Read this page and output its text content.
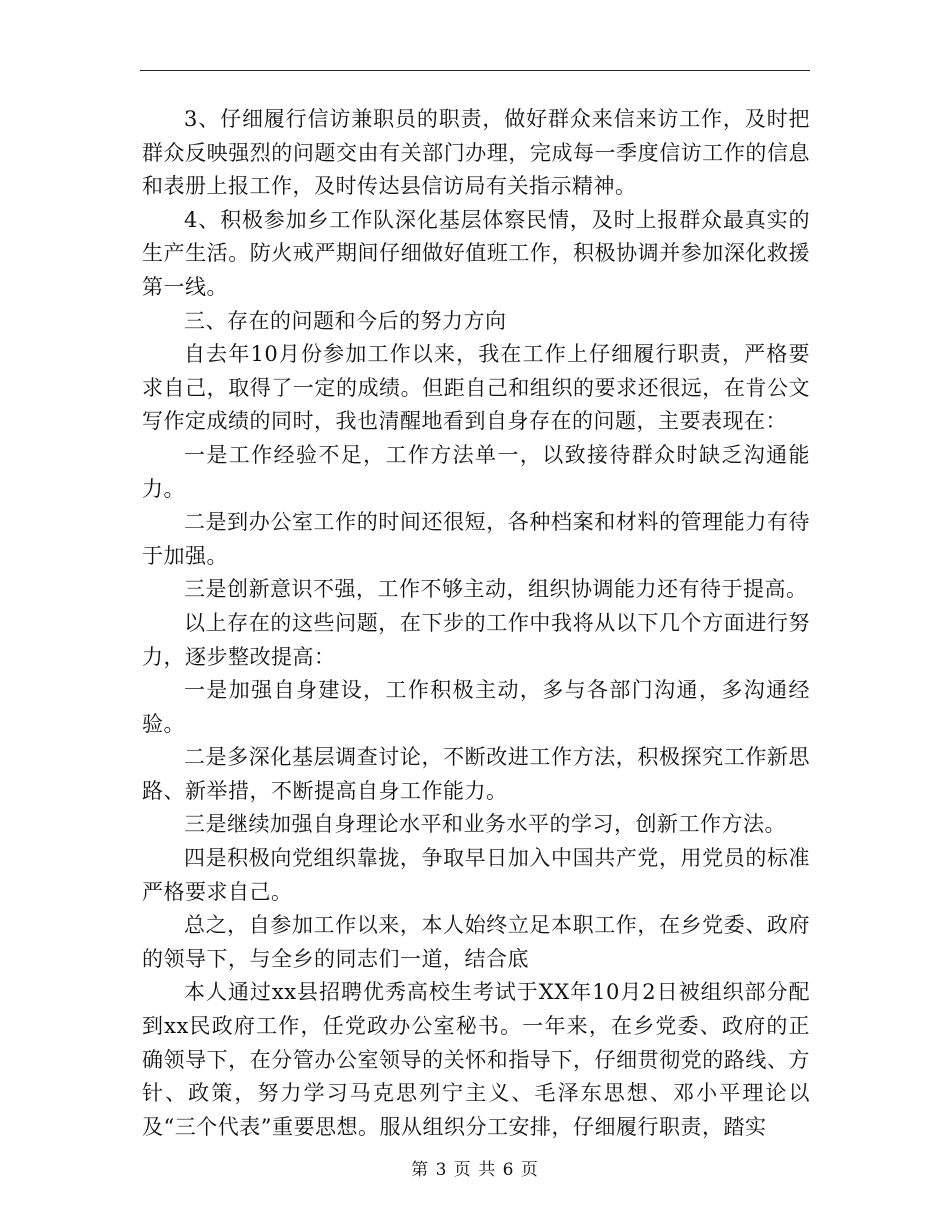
3、仔细履行信访兼职员的职责，做好群众来信来访工作，及时把群众反映强烈的问题交由有关部门办理，完成每一季度信访工作的信息和表册上报工作，及时传达县信访局有关指示精神。

4、积极参加乡工作队深化基层体察民情，及时上报群众最真实的生产生活。防火戒严期间仔细做好值班工作，积极协调并参加深化救援第一线。

三、存在的问题和今后的努力方向

自去年10月份参加工作以来，我在工作上仔细履行职责，严格要求自己，取得了一定的成绩。但距自己和组织的要求还很远，在肯公文写作定成绩的同时，我也清醒地看到自身存在的问题，主要表现在：

一是工作经验不足，工作方法单一，以致接待群众时缺乏沟通能力。

二是到办公室工作的时间还很短，各种档案和材料的管理能力有待于加强。

三是创新意识不强，工作不够主动，组织协调能力还有待于提高。

以上存在的这些问题，在下步的工作中我将从以下几个方面进行努力，逐步整改提高：

一是加强自身建设，工作积极主动，多与各部门沟通，多沟通经验。

二是多深化基层调查讨论，不断改进工作方法，积极探究工作新思路、新举措，不断提高自身工作能力。

三是继续加强自身理论水平和业务水平的学习，创新工作方法。

四是积极向党组织靠拢，争取早日加入中国共产党，用党员的标准严格要求自己。

总之，自参加工作以来，本人始终立足本职工作，在乡党委、政府的领导下，与全乡的同志们一道，结合底

本人通过xx县招聘优秀高校生考试于XX年10月2日被组织部分配到xx民政府工作，任党政办公室秘书。一年来，在乡党委、政府的正确领导下，在分管办公室领导的关怀和指导下，仔细贯彻党的路线、方针、政策，努力学习马克思列宁主义、毛泽东思想、邓小平理论以及“三个代表”重要思想。服从组织分工安排，仔细履行职责，踏实

第 3 页 共 6 页
